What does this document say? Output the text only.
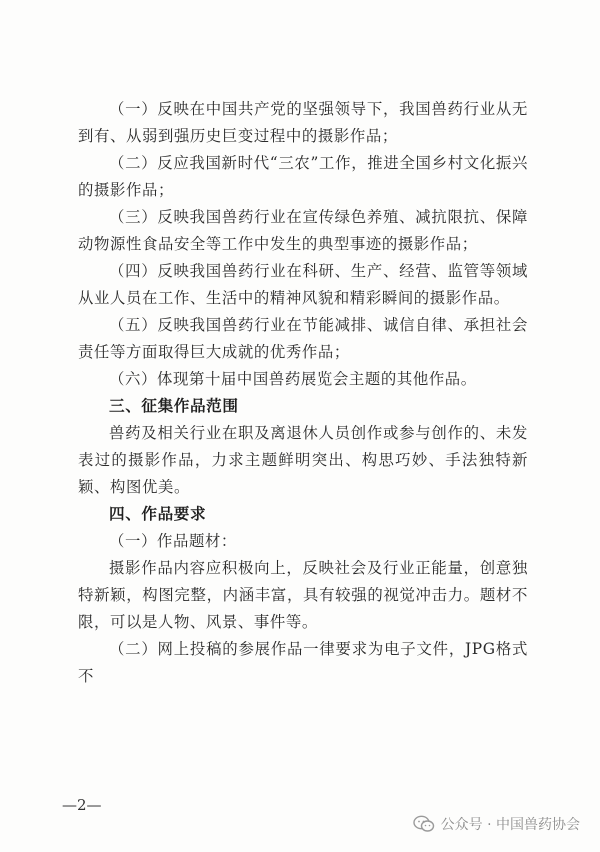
（一）反映在中国共产党的坚强领导下，我国兽药行业从无到有、从弱到强历史巨变过程中的摄影作品；

（二）反应我国新时代“三农”工作，推进全国乡村文化振兴的摄影作品；

（三）反映我国兽药行业在宣传绿色养殖、减抗限抗、保障动物源性食品安全等工作中发生的典型事迹的摄影作品；

（四）反映我国兽药行业在科研、生产、经营、监管等领域从业人员在工作、生活中的精神风貌和精彩瞬间的摄影作品。

（五）反映我国兽药行业在节能减排、诚信自律、承担社会责任等方面取得巨大成就的优秀作品；

（六）体现第十届中国兽药展览会主题的其他作品。

三、征集作品范围

兽药及相关行业在职及离退休人员创作或参与创作的、未发表过的摄影作品，力求主题鲜明突出、构思巧妙、手法独特新颖、构图优美。

四、作品要求

（一）作品题材：

摄影作品内容应积极向上，反映社会及行业正能量，创意独特新颖，构图完整，内涵丰富，具有较强的视觉冲击力。题材不限，可以是人物、风景、事件等。

（二）网上投稿的参展作品一律要求为电子文件，JPG格式不

—2—
公众号 · 中国兽药协会
